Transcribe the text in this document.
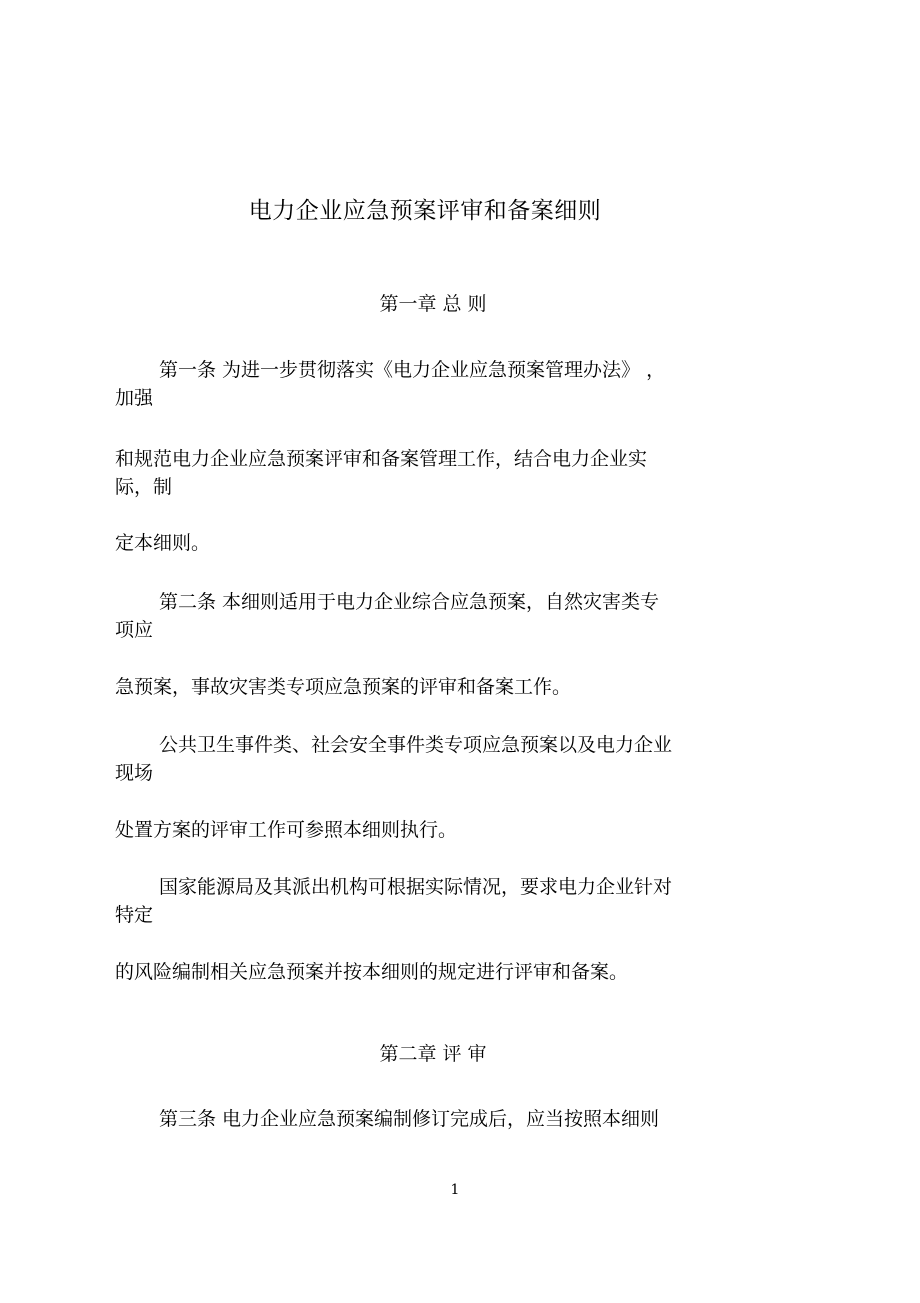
电力企业应急预案评审和备案细则
第一章 总 则
第一条 为进一步贯彻落实《电力企业应急预案管理办法》 ，
加强
和规范电力企业应急预案评审和备案管理工作，结合电力企业实
际，制
定本细则。
第二条 本细则适用于电力企业综合应急预案，自然灾害类专
项应
急预案，事故灾害类专项应急预案的评审和备案工作。
公共卫生事件类、社会安全事件类专项应急预案以及电力企业
现场
处置方案的评审工作可参照本细则执行。
国家能源局及其派出机构可根据实际情况，要求电力企业针对
特定
的风险编制相关应急预案并按本细则的规定进行评审和备案。
第二章 评 审
第三条 电力企业应急预案编制修订完成后，应当按照本细则
1
